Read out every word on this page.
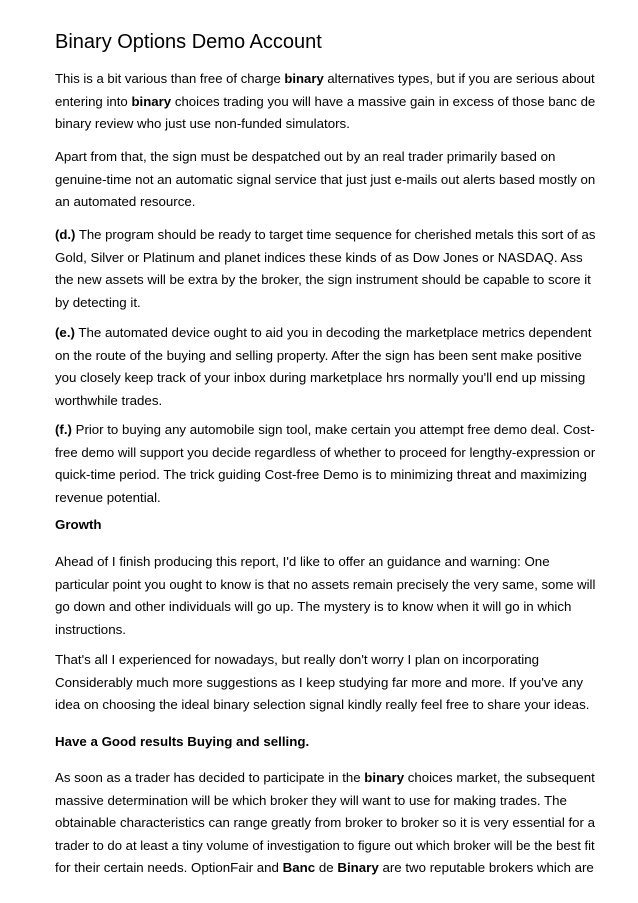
Binary Options Demo Account

This is a bit various than free of charge binary alternatives types, but if you are serious about
entering into binary choices trading you will have a massive gain in excess of those banc de
binary review who just use non-funded simulators.

Apart from that, the sign must be despatched out by an real trader primarily based on
genuine-time not an automatic signal service that just just e-mails out alerts based mostly on
an automated resource.

(d.) The program should be ready to target time sequence for cherished metals this sort of as
Gold, Silver or Platinum and planet indices these kinds of as Dow Jones or NASDAQ. Ass
the new assets will be extra by the broker, the sign instrument should be capable to score it
by detecting it.

(e.) The automated device ought to aid you in decoding the marketplace metrics dependent
on the route of the buying and selling property. After the sign has been sent make positive
you closely keep track of your inbox during marketplace hrs normally you'll end up missing
worthwhile trades.

(f.) Prior to buying any automobile sign tool, make certain you attempt free demo deal. Cost-
free demo will support you decide regardless of whether to proceed for lengthy-expression or
quick-time period. The trick guiding Cost-free Demo is to minimizing threat and maximizing
revenue potential.

Growth

Ahead of I finish producing this report, I'd like to offer an guidance and warning: One
particular point you ought to know is that no assets remain precisely the very same, some will
go down and other individuals will go up. The mystery is to know when it will go in which
instructions.

That's all I experienced for nowadays, but really don't worry I plan on incorporating
Considerably much more suggestions as I keep studying far more and more. If you've any
idea on choosing the ideal binary selection signal kindly really feel free to share your ideas.

Have a Good results Buying and selling.

As soon as a trader has decided to participate in the binary choices market, the subsequent
massive determination will be which broker they will want to use for making trades. The
obtainable characteristics can range greatly from broker to broker so it is very essential for a
trader to do at least a tiny volume of investigation to figure out which broker will be the best fit
for their certain needs. OptionFair and Banc de Binary are two reputable brokers which are
